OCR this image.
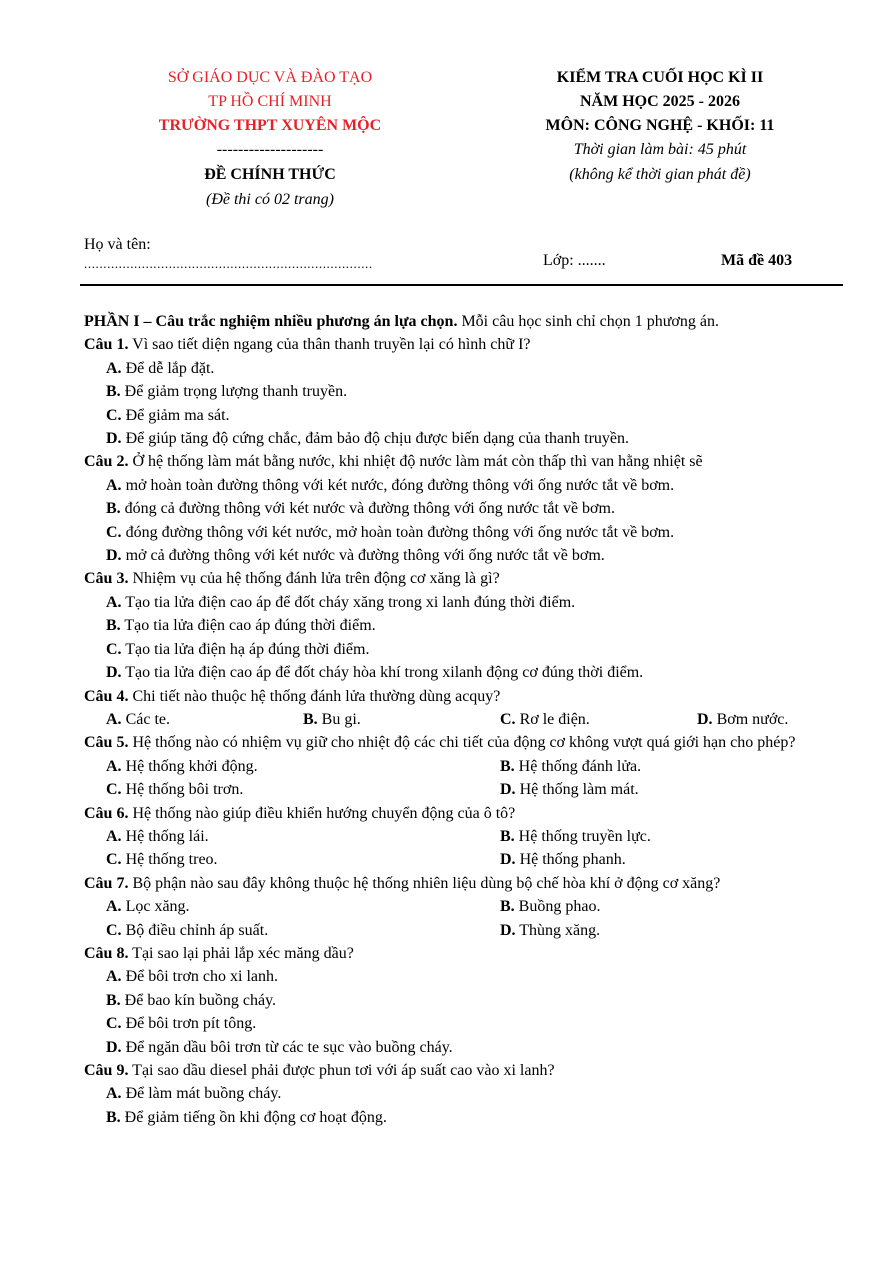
SỞ GIÁO DỤC VÀ ĐÀO TẠO
TP HỒ CHÍ MINH
TRƯỜNG THPT XUYÊN MỘC
--------------------
ĐỀ CHÍNH THỨC
(Đề thi có 02 trang)
KIỂM TRA CUỐI HỌC KÌ II
NĂM HỌC 2025 - 2026
MÔN: CÔNG NGHỆ - KHỐI: 11
Thời gian làm bài: 45 phút
(không kể thời gian phát đề)
Họ và tên:
...........................................................................	Lớp: .......	Mã đề 403

PHẦN I – Câu trắc nghiệm nhiều phương án lựa chọn. Mỗi câu học sinh chỉ chọn 1 phương án.

Câu 1. Vì sao tiết diện ngang của thân thanh truyền lại có hình chữ I?

A. Để dễ lắp đặt.

B. Để giảm trọng lượng thanh truyền.

C. Để giảm ma sát.

D. Để giúp tăng độ cứng chắc, đảm bảo độ chịu được biến dạng của thanh truyền.

Câu 2. Ở hệ thống làm mát bằng nước, khi nhiệt độ nước làm mát còn thấp thì van hằng nhiệt sẽ

A. mở hoàn toàn đường thông với két nước, đóng đường thông với ống nước tắt về bơm.

B. đóng cả đường thông với két nước và đường thông với ống nước tắt về bơm.

C. đóng đường thông với két nước, mở hoàn toàn đường thông với ống nước tắt về bơm.

D. mở cả đường thông với két nước và đường thông với ống nước tắt về bơm.

Câu 3. Nhiệm vụ của hệ thống đánh lửa trên động cơ xăng là gì?

A. Tạo tia lửa điện cao áp để đốt cháy xăng trong xi lanh đúng thời điểm.

B. Tạo tia lửa điện cao áp đúng thời điểm.

C. Tạo tia lửa điện hạ áp đúng thời điểm.

D. Tạo tia lửa điện cao áp để đốt cháy hòa khí trong xilanh động cơ đúng thời điểm.

Câu 4. Chi tiết nào thuộc hệ thống đánh lửa thường dùng acquy?

A. Các te.	B. Bu gi.	C. Rơ le điện.	D. Bơm nước.

Câu 5. Hệ thống nào có nhiệm vụ giữ cho nhiệt độ các chi tiết của động cơ không vượt quá giới hạn cho phép?

A. Hệ thống khởi động.	B. Hệ thống đánh lửa.
C. Hệ thống bôi trơn.	D. Hệ thống làm mát.

Câu 6. Hệ thống nào giúp điều khiển hướng chuyển động của ô tô?

A. Hệ thống lái.	B. Hệ thống truyền lực.
C. Hệ thống treo.	D. Hệ thống phanh.

Câu 7. Bộ phận nào sau đây không thuộc hệ thống nhiên liệu dùng bộ chế hòa khí ở động cơ xăng?

A. Lọc xăng.	B. Buồng phao.
C. Bộ điều chỉnh áp suất.	D. Thùng xăng.

Câu 8. Tại sao lại phải lắp xéc măng dầu?

A. Để bôi trơn cho xi lanh.

B. Để bao kín buồng cháy.

C. Để bôi trơn pít tông.

D. Để ngăn dầu bôi trơn từ các te sục vào buồng cháy.

Câu 9. Tại sao dầu diesel phải được phun tơi với áp suất cao vào xi lanh?

A. Để làm mát buồng cháy.

B. Để giảm tiếng ồn khi động cơ hoạt động.
